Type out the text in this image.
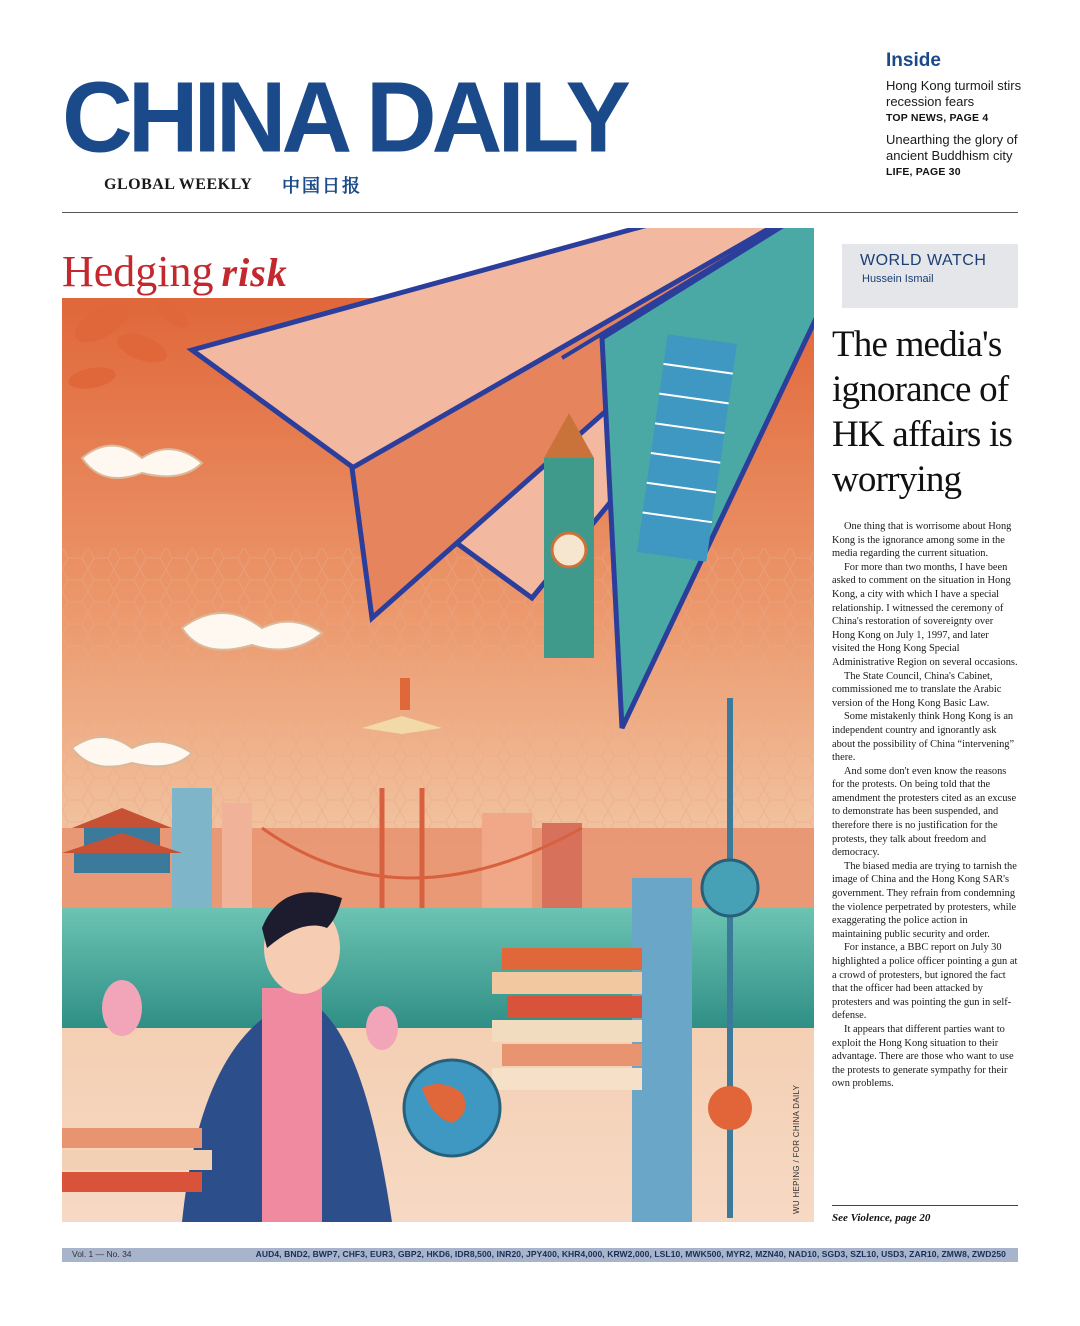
CHINA DAILY
GLOBAL WEEKLY 中国日报
Inside
Hong Kong turmoil stirs recession fears
TOP NEWS, PAGE 4
Unearthing the glory of ancient Buddhism city
LIFE, PAGE 30
Hedging risk
WU HEPING / FOR CHINA DAILY
WORLD WATCH
Hussein Ismail
The media's ignorance of HK affairs is worrying

One thing that is worrisome about Hong Kong is the ignorance among some in the media regarding the current situation.

For more than two months, I have been asked to comment on the situation in Hong Kong, a city with which I have a special relationship. I witnessed the ceremony of China's restoration of sovereignty over Hong Kong on July 1, 1997, and later visited the Hong Kong Special Administrative Region on several occasions.

The State Council, China's Cabinet, commissioned me to translate the Arabic version of the Hong Kong Basic Law.

Some mistakenly think Hong Kong is an independent country and ignorantly ask about the possibility of China “intervening” there.

And some don't even know the reasons for the protests. On being told that the amendment the protesters cited as an excuse to demonstrate has been suspended, and therefore there is no justification for the protests, they talk about freedom and democracy.

The biased media are trying to tarnish the image of China and the Hong Kong SAR's government. They refrain from condemning the violence perpetrated by protesters, while exaggerating the police action in maintaining public security and order.

For instance, a BBC report on July 30 highlighted a police officer pointing a gun at a crowd of protesters, but ignored the fact that the officer had been attacked by protesters and was pointing the gun in self-defense.

It appears that different parties want to exploit the Hong Kong situation to their advantage. There are those who want to use the protests to generate sympathy for their own problems.

See Violence, page 20
Vol. 1 — No. 34	AUD4, BND2, BWP7, CHF3, EUR3, GBP2, HKD6, IDR8,500, INR20, JPY400, KHR4,000, KRW2,000, LSL10, MWK500, MYR2, MZN40, NAD10, SGD3, SZL10, USD3, ZAR10, ZMW8, ZWD250
